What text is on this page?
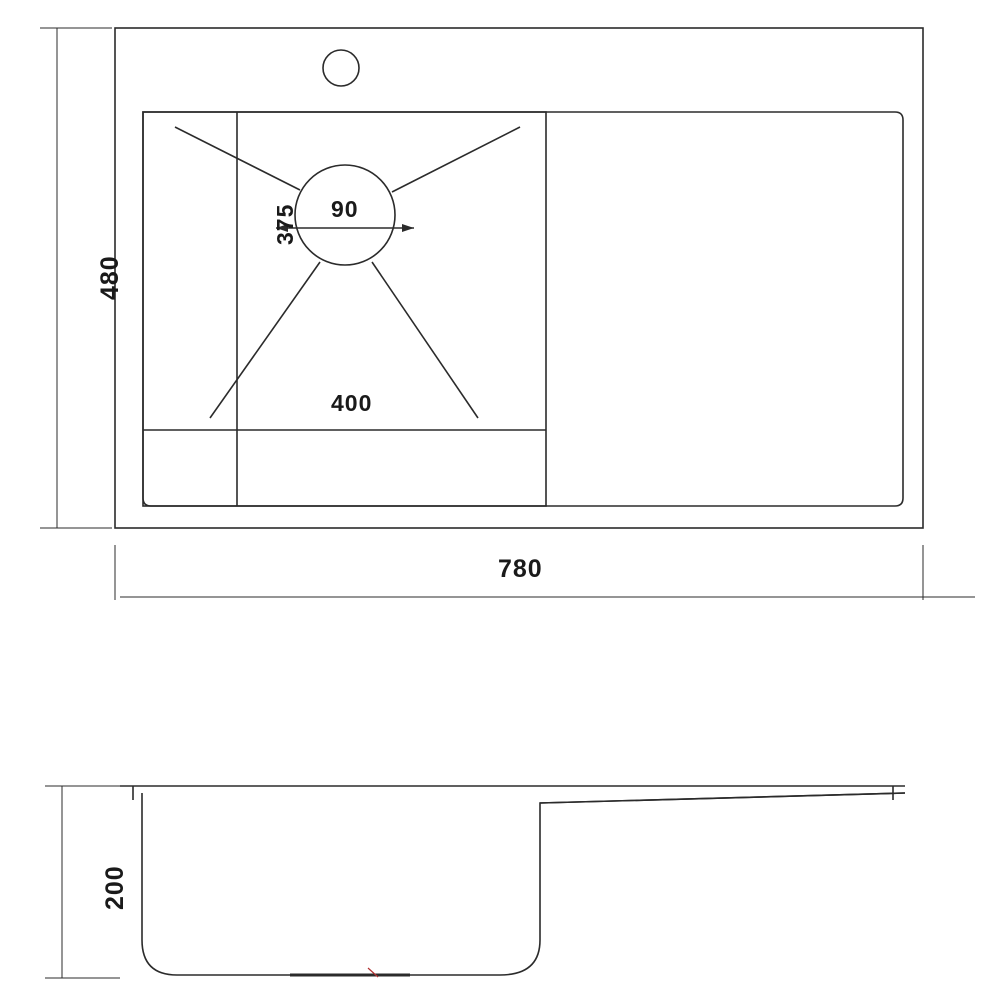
480
780
375
400
90
200
